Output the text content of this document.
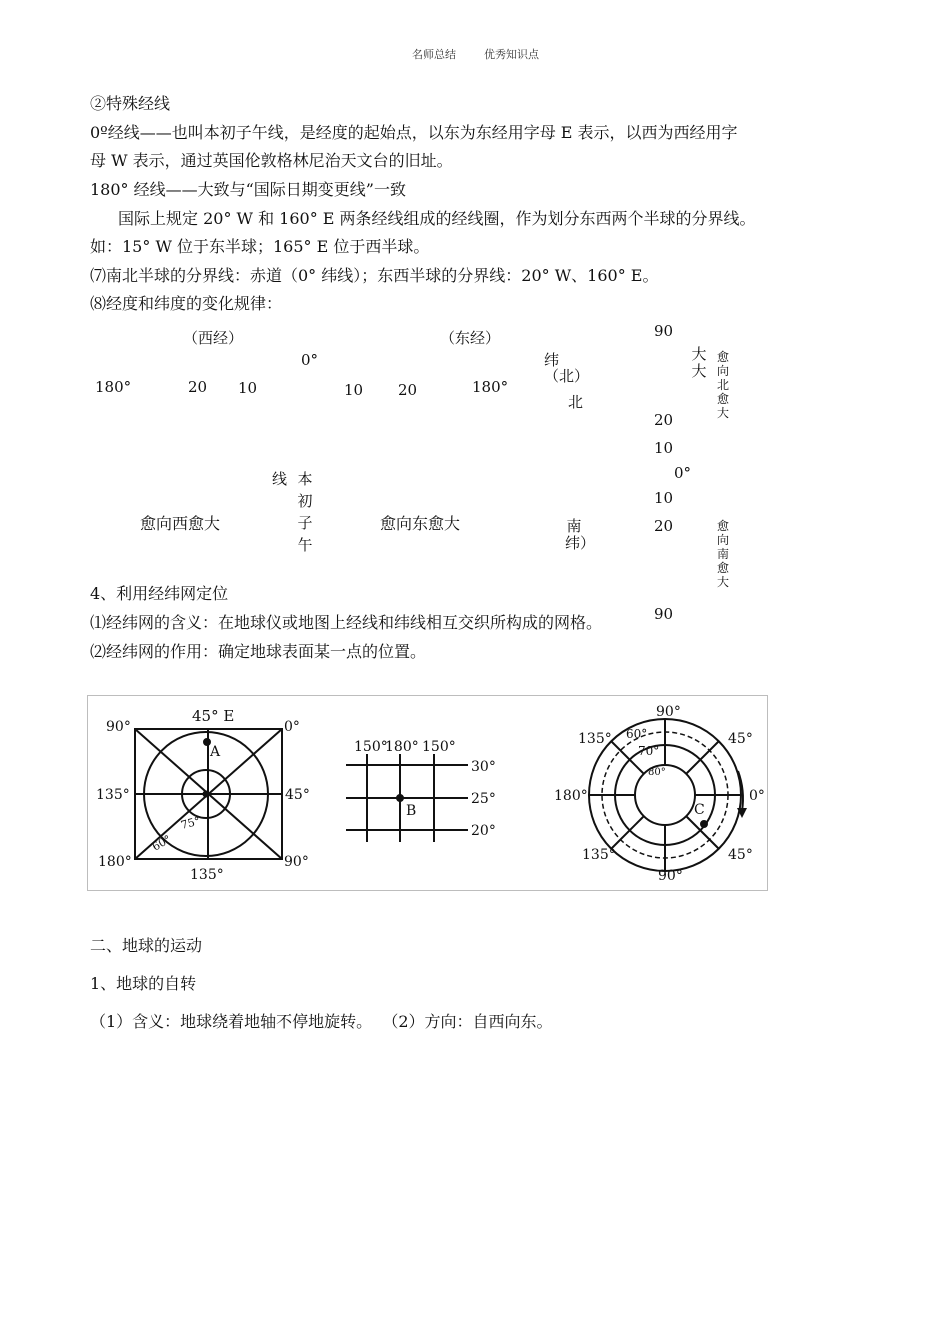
名师总结	优秀知识点
②特殊经线
0º经线——也叫本初子午线，是经度的起始点，以东为东经用字母 E 表示，以西为西经用字
母 W 表示，通过英国伦敦格林尼治天文台的旧址。
180° 经线——大致与“国际日期变更线”一致
国际上规定 20° W 和 160° E 两条经线组成的经线圈，作为划分东西两个半球的分界线。
如：15° W 位于东半球；165° E 位于西半球。
⑺南北半球的分界线：赤道（0° 纬线）；东西半球的分界线：20° W、160° E。
⑻经度和纬度的变化规律：
（西经）	（东经）
0°
180°	20 10	10 20	180°
线 本初子午
愈向西愈大	愈向东愈大
纬（北）
北
南纬）
90
20
10
0°
10
20
90
大大
愈向北愈大
愈向南愈大
4、利用经纬网定位
⑴经纬网的含义：在地球仪或地图上经线和纬线相互交织所构成的网格。
⑵经纬网的作用：确定地球表面某一点的位置。
45° E
90°	0°
135°	45°
180°	90°
135°
75°
60°
A	150°
180° 150°
30°
25°
20°
B
90°
135°	45°
180°	0°
135°	45°
90°
60°
70°
80°
C
二、地球的运动
1、地球的自转
（1）含义：地球绕着地轴不停地旋转。  （2）方向：自西向东。
